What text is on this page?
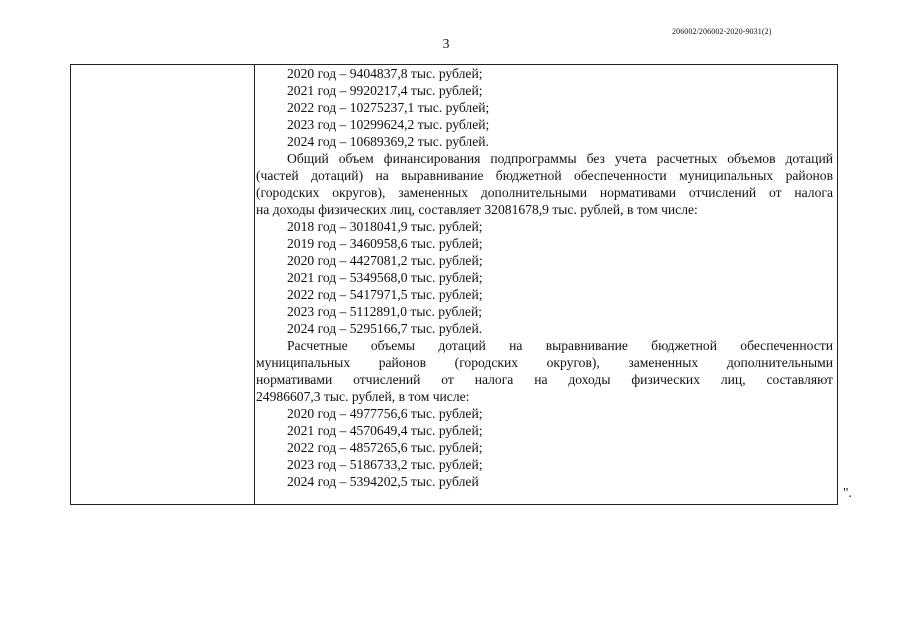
206002/206002-2020-9031(2)
3
2020 год – 9404837,8 тыс. рублей;
2021 год – 9920217,4 тыс. рублей;
2022 год – 10275237,1 тыс. рублей;
2023 год – 10299624,2 тыс. рублей;
2024 год – 10689369,2 тыс. рублей.
Общий объем финансирования подпрограммы без учета расчетных объемов дотаций
(частей дотаций) на выравнивание бюджетной обеспеченности муниципальных районов
(городских округов), замененных дополнительными нормативами отчислений от налога
на доходы физических лиц, составляет 32081678,9 тыс. рублей, в том числе:
2018 год – 3018041,9 тыс. рублей;
2019 год – 3460958,6 тыс. рублей;
2020 год – 4427081,2 тыс. рублей;
2021 год – 5349568,0 тыс. рублей;
2022 год – 5417971,5 тыс. рублей;
2023 год – 5112891,0 тыс. рублей;
2024 год – 5295166,7 тыс. рублей.
Расчетные объемы дотаций на выравнивание бюджетной обеспеченности
муниципальных районов (городских округов), замененных дополнительными
нормативами отчислений от налога на доходы физических лиц, составляют
24986607,3 тыс. рублей, в том числе:
2020 год – 4977756,6 тыс. рублей;
2021 год – 4570649,4 тыс. рублей;
2022 год – 4857265,6 тыс. рублей;
2023 год – 5186733,2 тыс. рублей;
2024 год – 5394202,5 тыс. рублей
".
